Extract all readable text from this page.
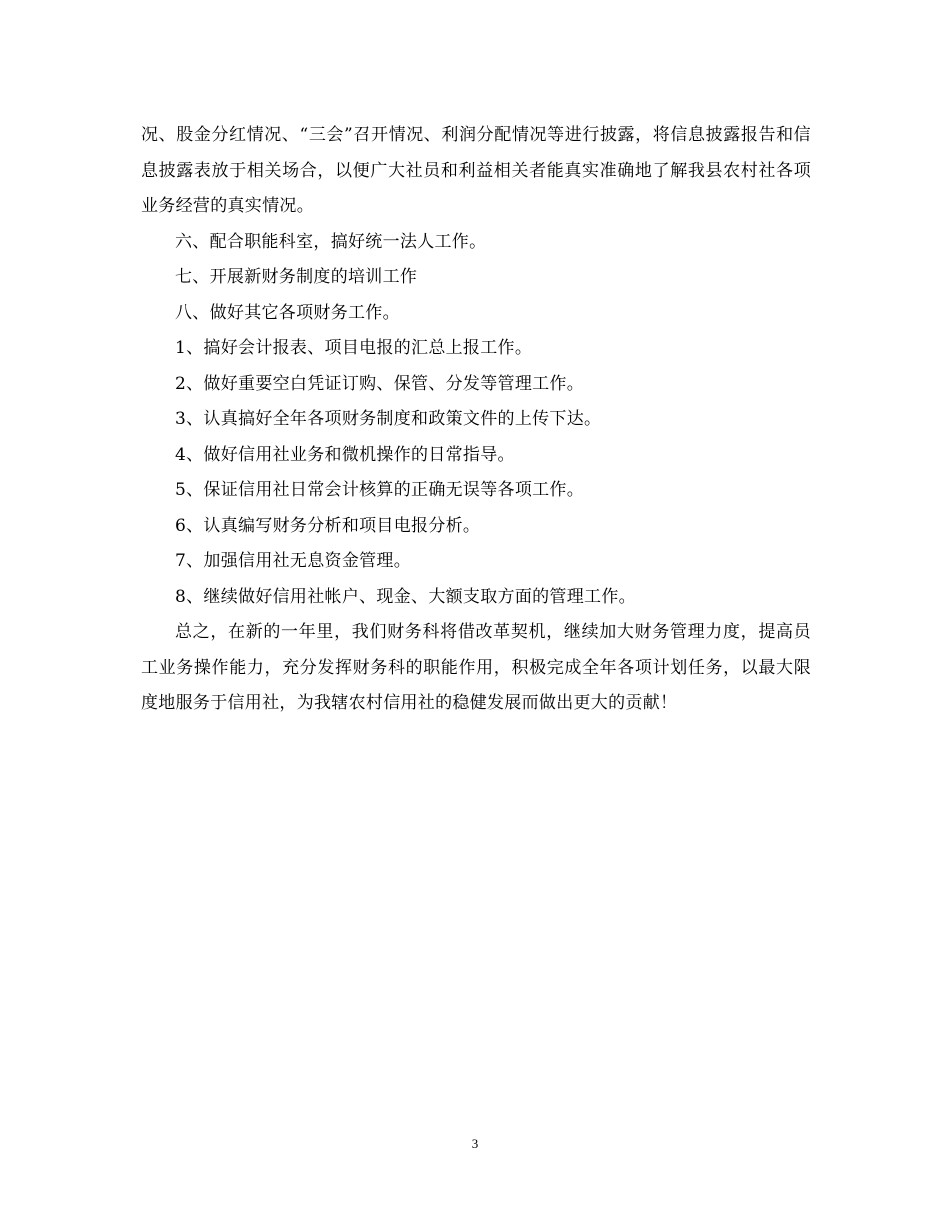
况、股金分红情况、“三会”召开情况、利润分配情况等进行披露，将信息披露报告和信息披露表放于相关场合，以便广大社员和利益相关者能真实准确地了解我县农村社各项业务经营的真实情况。

六、配合职能科室，搞好统一法人工作。

七、开展新财务制度的培训工作

八、做好其它各项财务工作。

1、搞好会计报表、项目电报的汇总上报工作。

2、做好重要空白凭证订购、保管、分发等管理工作。

3、认真搞好全年各项财务制度和政策文件的上传下达。

4、做好信用社业务和微机操作的日常指导。

5、保证信用社日常会计核算的正确无误等各项工作。

6、认真编写财务分析和项目电报分析。

7、加强信用社无息资金管理。

8、继续做好信用社帐户、现金、大额支取方面的管理工作。

总之，在新的一年里，我们财务科将借改革契机，继续加大财务管理力度，提高员工业务操作能力，充分发挥财务科的职能作用，积极完成全年各项计划任务，以最大限度地服务于信用社，为我辖农村信用社的稳健发展而做出更大的贡献！

3
